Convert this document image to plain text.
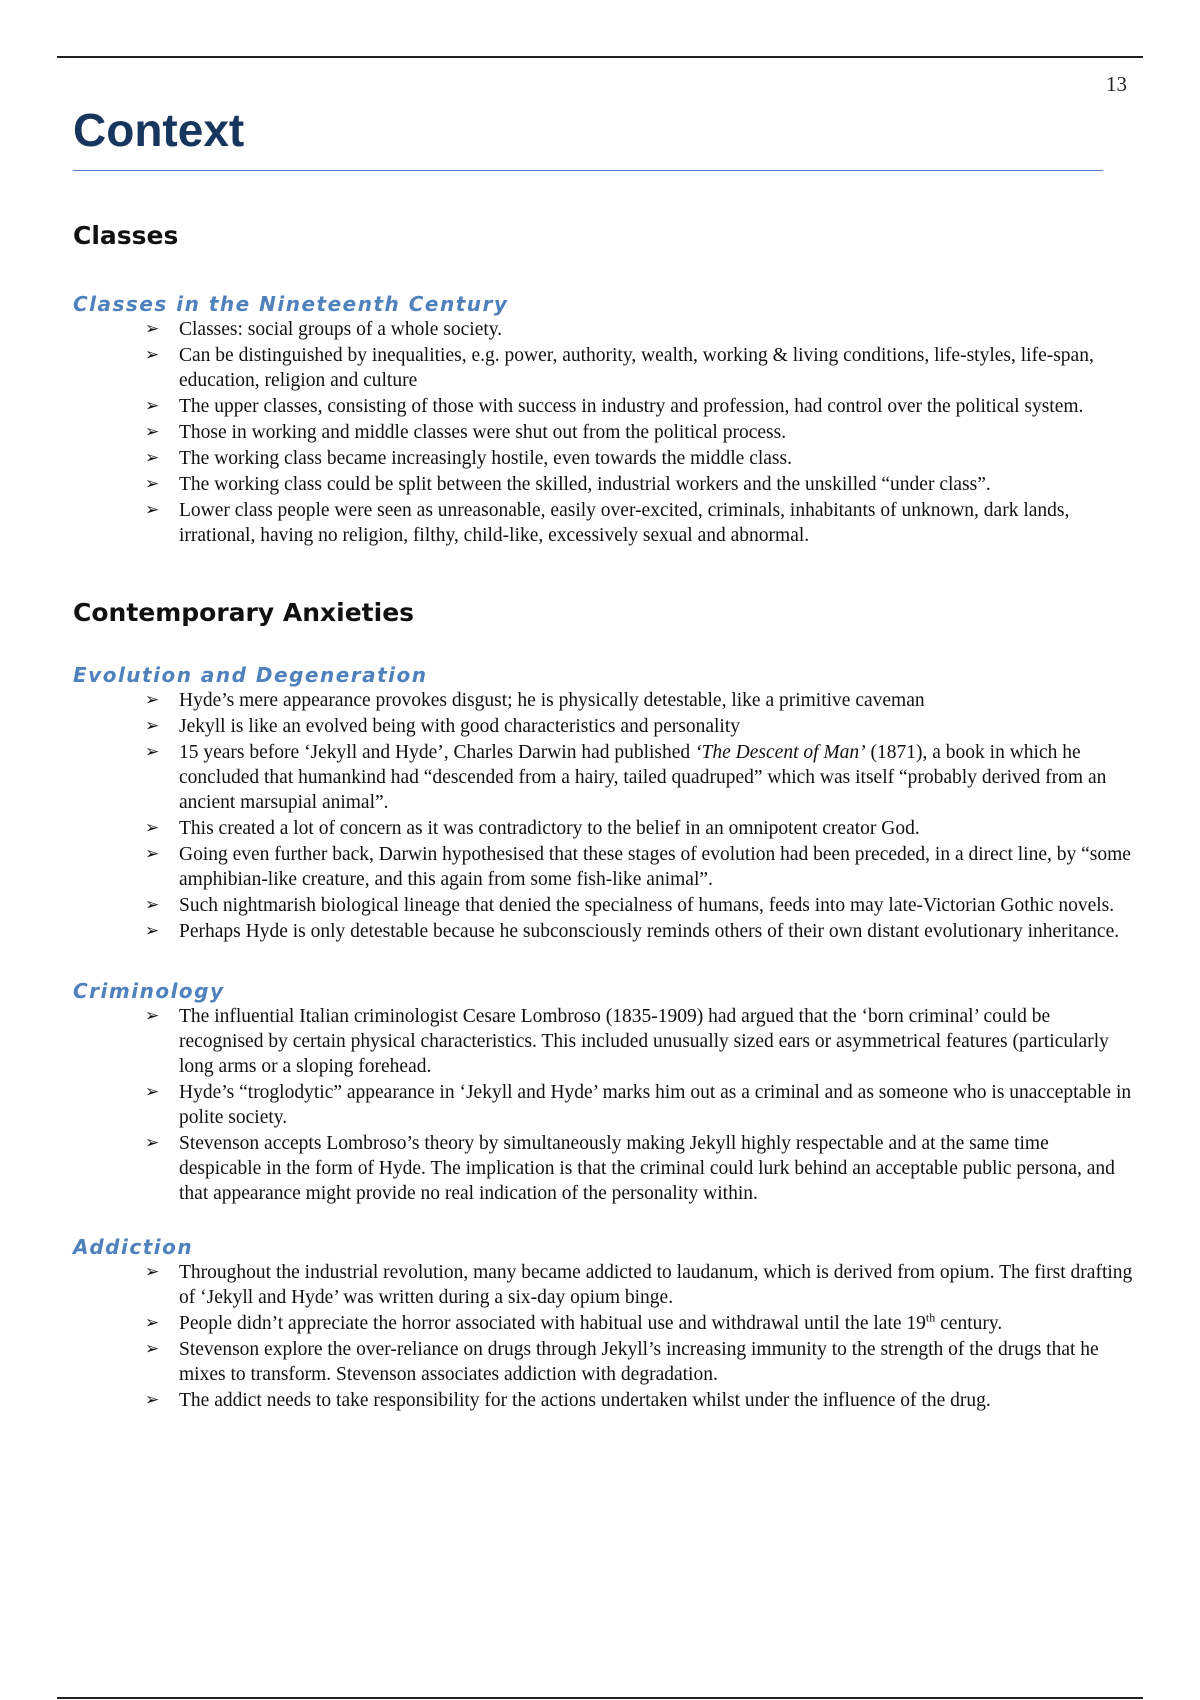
13
Context
Classes
Classes in the Nineteenth Century
➢ Classes: social groups of a whole society.
➢ Can be distinguished by inequalities, e.g. power, authority, wealth, working & living conditions, life-styles, life-span, education, religion and culture
➢ The upper classes, consisting of those with success in industry and profession, had control over the political system.
➢ Those in working and middle classes were shut out from the political process.
➢ The working class became increasingly hostile, even towards the middle class.
➢ The working class could be split between the skilled, industrial workers and the unskilled “under class”.
➢ Lower class people were seen as unreasonable, easily over-excited, criminals, inhabitants of unknown, dark lands, irrational, having no religion, filthy, child-like, excessively sexual and abnormal.
Contemporary Anxieties
Evolution and Degeneration
➢ Hyde’s mere appearance provokes disgust; he is physically detestable, like a primitive caveman
➢ Jekyll is like an evolved being with good characteristics and personality
➢ 15 years before ‘Jekyll and Hyde’, Charles Darwin had published ‘The Descent of Man’ (1871), a book in which he concluded that humankind had “descended from a hairy, tailed quadruped” which was itself “probably derived from an ancient marsupial animal”.
➢ This created a lot of concern as it was contradictory to the belief in an omnipotent creator God.
➢ Going even further back, Darwin hypothesised that these stages of evolution had been preceded, in a direct line, by “some amphibian-like creature, and this again from some fish-like animal”.
➢ Such nightmarish biological lineage that denied the specialness of humans, feeds into may late-Victorian Gothic novels.
➢ Perhaps Hyde is only detestable because he subconsciously reminds others of their own distant evolutionary inheritance.
Criminology
➢ The influential Italian criminologist Cesare Lombroso (1835-1909) had argued that the ‘born criminal’ could be recognised by certain physical characteristics. This included unusually sized ears or asymmetrical features (particularly long arms or a sloping forehead.
➢ Hyde’s “troglodytic” appearance in ‘Jekyll and Hyde’ marks him out as a criminal and as someone who is unacceptable in polite society.
➢ Stevenson accepts Lombroso’s theory by simultaneously making Jekyll highly respectable and at the same time despicable in the form of Hyde. The implication is that the criminal could lurk behind an acceptable public persona, and that appearance might provide no real indication of the personality within.
Addiction
➢ Throughout the industrial revolution, many became addicted to laudanum, which is derived from opium. The first drafting of ‘Jekyll and Hyde’ was written during a six-day opium binge.
➢ People didn’t appreciate the horror associated with habitual use and withdrawal until the late 19th century.
➢ Stevenson explore the over-reliance on drugs through Jekyll’s increasing immunity to the strength of the drugs that he mixes to transform. Stevenson associates addiction with degradation.
➢ The addict needs to take responsibility for the actions undertaken whilst under the influence of the drug.
